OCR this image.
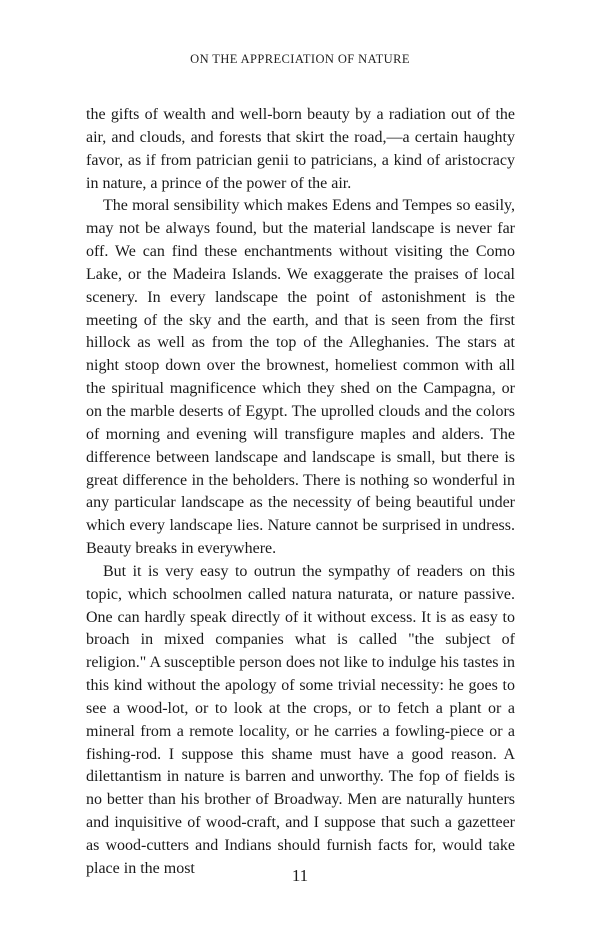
ON THE APPRECIATION OF NATURE

the gifts of wealth and well-born beauty by a radiation out of the air, and clouds, and forests that skirt the road,—a certain haughty favor, as if from patrician genii to patricians, a kind of aristocracy in nature, a prince of the power of the air.

The moral sensibility which makes Edens and Tempes so easily, may not be always found, but the material landscape is never far off. We can find these enchantments without visiting the Como Lake, or the Madeira Islands. We exaggerate the praises of local scenery. In every landscape the point of astonishment is the meeting of the sky and the earth, and that is seen from the first hillock as well as from the top of the Alleghanies. The stars at night stoop down over the brownest, homeliest common with all the spiritual magnificence which they shed on the Campagna, or on the marble deserts of Egypt. The uprolled clouds and the colors of morning and evening will transfigure maples and alders. The difference between landscape and landscape is small, but there is great difference in the beholders. There is nothing so wonderful in any particular landscape as the necessity of being beautiful under which every landscape lies. Nature cannot be surprised in undress. Beauty breaks in everywhere.

But it is very easy to outrun the sympathy of readers on this topic, which schoolmen called natura naturata, or nature passive. One can hardly speak directly of it without excess. It is as easy to broach in mixed companies what is called "the subject of religion." A susceptible person does not like to indulge his tastes in this kind without the apology of some trivial necessity: he goes to see a wood-lot, or to look at the crops, or to fetch a plant or a mineral from a remote locality, or he carries a fowling-piece or a fishing-rod. I suppose this shame must have a good reason. A dilettantism in nature is barren and unworthy. The fop of fields is no better than his brother of Broadway. Men are naturally hunters and inquisitive of wood-craft, and I suppose that such a gazetteer as wood-cutters and Indians should furnish facts for, would take place in the most	11
